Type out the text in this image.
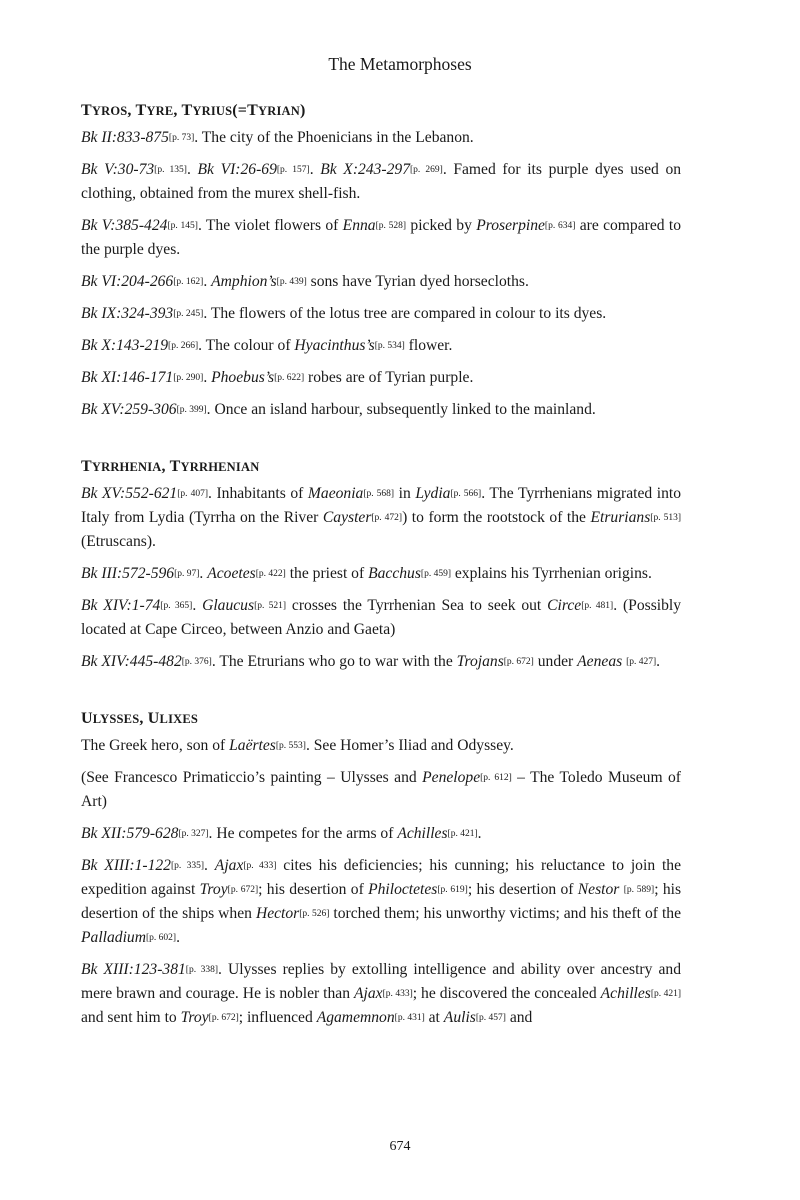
The Metamorphoses
TYROS, TYRE, TYRIUS(=TYRIAN)

Bk II:833-875[p. 73]. The city of the Phoenicians in the Lebanon.

Bk V:30-73[p. 135]. Bk VI:26-69[p. 157]. Bk X:243-297[p. 269]. Famed for its purple dyes used on clothing, obtained from the murex shell-fish.

Bk V:385-424[p. 145]. The violet flowers of Enna[p. 528] picked by Proserpine[p. 634] are compared to the purple dyes.

Bk VI:204-266[p. 162]. Amphion’s[p. 439] sons have Tyrian dyed horsecloths.

Bk IX:324-393[p. 245]. The flowers of the lotus tree are compared in colour to its dyes.

Bk X:143-219[p. 266]. The colour of Hyacinthus’s[p. 534] flower.

Bk XI:146-171[p. 290]. Phoebus’s[p. 622] robes are of Tyrian purple.

Bk XV:259-306[p. 399]. Once an island harbour, subsequently linked to the mainland.

TYRRHENIA, TYRRHENIAN

Bk XV:552-621[p. 407]. Inhabitants of Maeonia[p. 568] in Lydia[p. 566]. The Tyrrhenians migrated into Italy from Lydia (Tyrrha on the River Cayster[p. 472]) to form the rootstock of the Etrurians[p. 513] (Etruscans).

Bk III:572-596[p. 97]. Acoetes[p. 422] the priest of Bacchus[p. 459] explains his Tyrrhenian origins.

Bk XIV:1-74[p. 365]. Glaucus[p. 521] crosses the Tyrrhenian Sea to seek out Circe[p. 481]. (Possibly located at Cape Circeo, between Anzio and Gaeta)

Bk XIV:445-482[p. 376]. The Etrurians who go to war with the Trojans[p. 672] under Aeneas [p. 427].

ULYSSES, ULIXES

The Greek hero, son of Laërtes[p. 553]. See Homer’s Iliad and Odyssey.

(See Francesco Primaticcio’s painting – Ulysses and Penelope[p. 612] – The Toledo Museum of Art)

Bk XII:579-628[p. 327]. He competes for the arms of Achilles[p. 421].

Bk XIII:1-122[p. 335]. Ajax[p. 433] cites his deficiencies; his cunning; his reluctance to join the expedition against Troy[p. 672]; his desertion of Philoctetes[p. 619]; his desertion of Nestor [p. 589]; his desertion of the ships when Hector[p. 526] torched them; his unworthy victims; and his theft of the Palladium[p. 602].

Bk XIII:123-381[p. 338]. Ulysses replies by extolling intelligence and ability over ancestry and mere brawn and courage. He is nobler than Ajax[p. 433]; he discovered the concealed Achilles[p. 421] and sent him to Troy[p. 672]; influenced Agamemnon[p. 431] at Aulis[p. 457] and

674
